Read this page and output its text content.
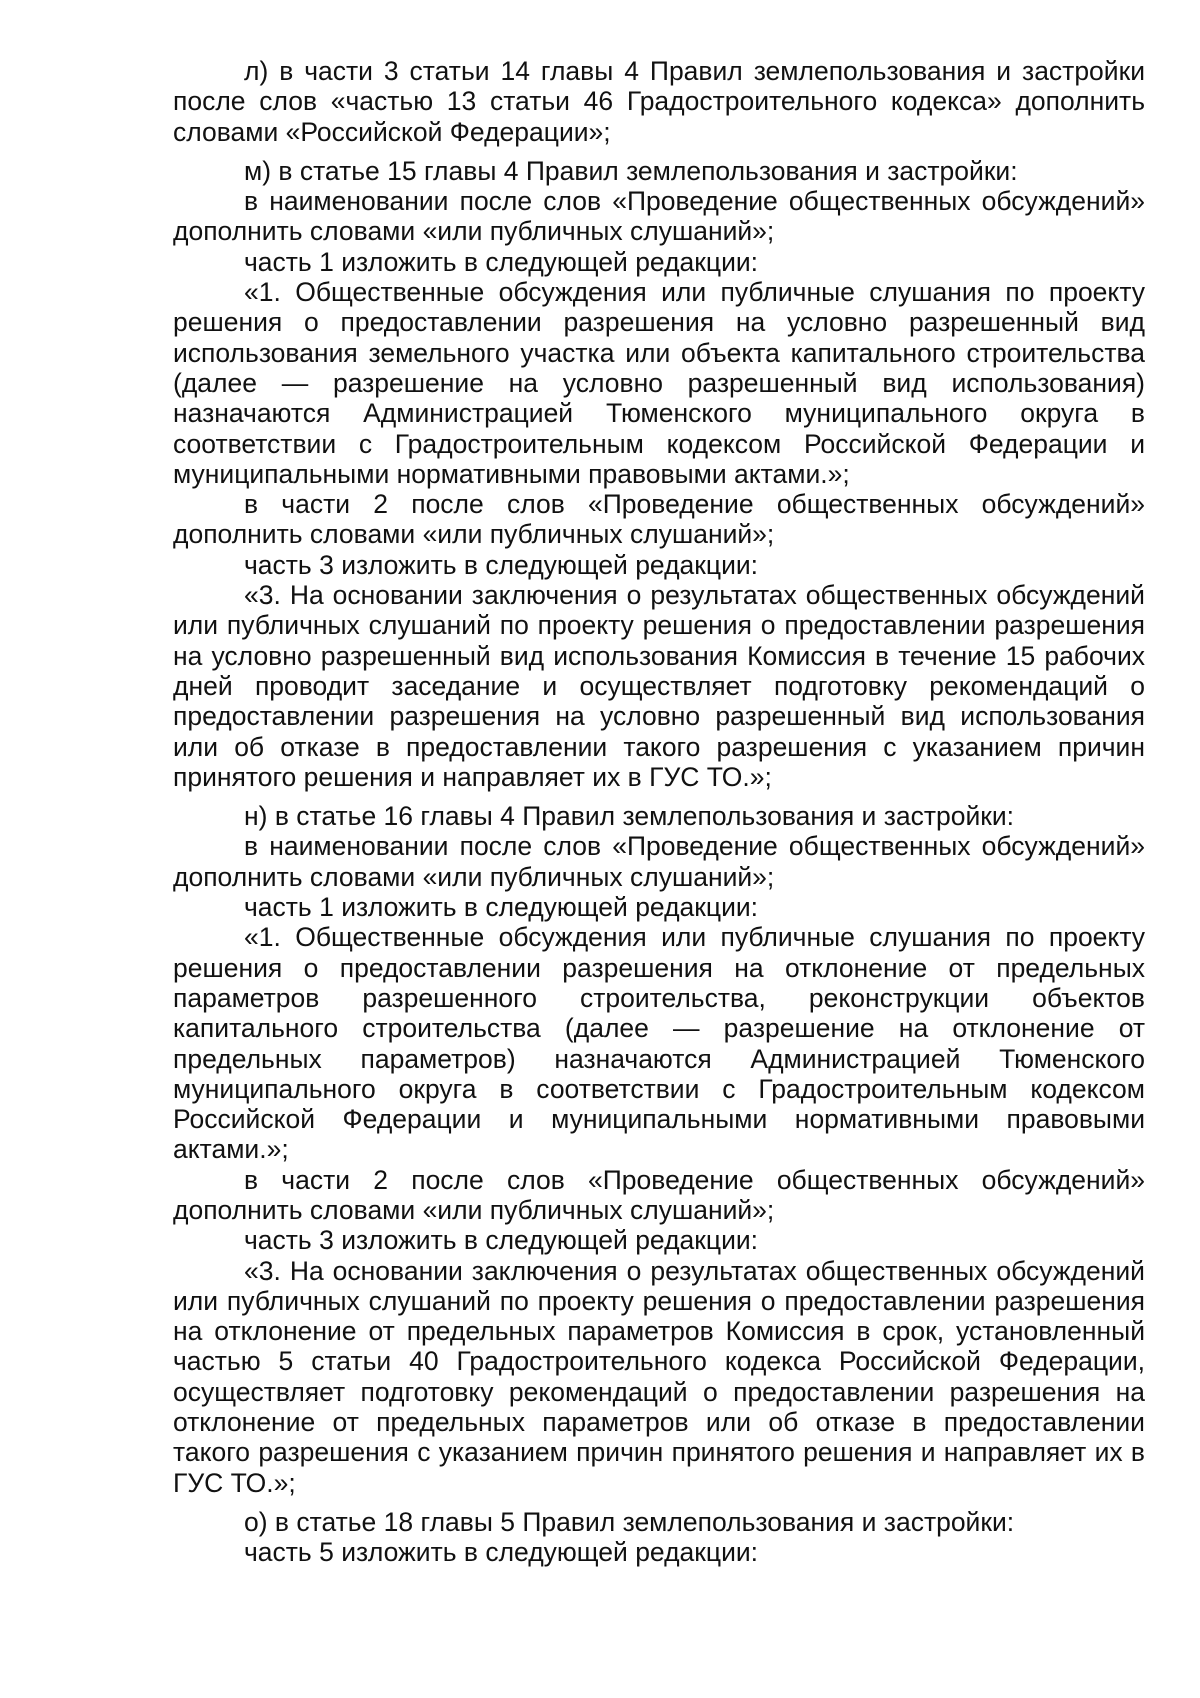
л) в части 3 статьи 14 главы 4 Правил землепользования и застройки после слов «частью 13 статьи 46 Градостроительного кодекса» дополнить словами «Российской Федерации»;

м) в статье 15 главы 4 Правил землепользования и застройки:

в наименовании после слов «Проведение общественных обсуждений» дополнить словами «или публичных слушаний»;

часть 1 изложить в следующей редакции:

«1. Общественные обсуждения или публичные слушания по проекту решения о предоставлении разрешения на условно разрешенный вид использования земельного участка или объекта капитального строительства (далее — разрешение на условно разрешенный вид использования) назначаются Администрацией Тюменского муниципального округа в соответствии с Градостроительным кодексом Российской Федерации и муниципальными нормативными правовыми актами.»;

в части 2 после слов «Проведение общественных обсуждений» дополнить словами «или публичных слушаний»;

часть 3 изложить в следующей редакции:

«3. На основании заключения о результатах общественных обсуждений или публичных слушаний по проекту решения о предоставлении разрешения на условно разрешенный вид использования Комиссия в течение 15 рабочих дней проводит заседание и осуществляет подготовку рекомендаций о предоставлении разрешения на условно разрешенный вид использования или об отказе в предоставлении такого разрешения с указанием причин принятого решения и направляет их в ГУС ТО.»;

н) в статье 16 главы 4 Правил землепользования и застройки:

в наименовании после слов «Проведение общественных обсуждений» дополнить словами «или публичных слушаний»;

часть 1 изложить в следующей редакции:

«1. Общественные обсуждения или публичные слушания по проекту решения о предоставлении разрешения на отклонение от предельных параметров разрешенного строительства, реконструкции объектов капитального строительства (далее — разрешение на отклонение от предельных параметров) назначаются Администрацией Тюменского муниципального округа в соответствии с Градостроительным кодексом Российской Федерации и муниципальными нормативными правовыми актами.»;

в части 2 после слов «Проведение общественных обсуждений» дополнить словами «или публичных слушаний»;

часть 3 изложить в следующей редакции:

«3. На основании заключения о результатах общественных обсуждений или публичных слушаний по проекту решения о предоставлении разрешения на отклонение от предельных параметров Комиссия в срок, установленный частью 5 статьи 40 Градостроительного кодекса Российской Федерации, осуществляет подготовку рекомендаций о предоставлении разрешения на отклонение от предельных параметров или об отказе в предоставлении такого разрешения с указанием причин принятого решения и направляет их в ГУС ТО.»;

о) в статье 18 главы 5 Правил землепользования и застройки:

часть 5 изложить в следующей редакции:
